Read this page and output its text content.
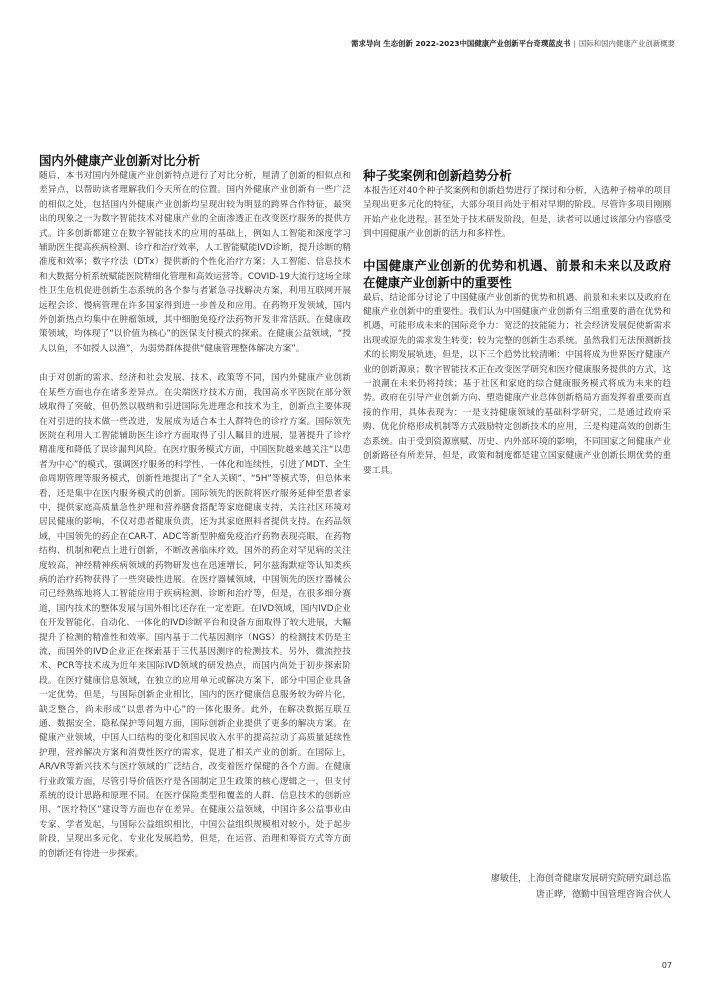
需求导向 生态创新 2022-2023中国健康产业创新平台奇璞蓝皮书 | 国际和国内健康产业创新概要
国内外健康产业创新对比分析

随后，本书对国内外健康产业创新特点进行了对比分析，厘清了创新的相似点和差异点，以帮助读者理解我们今天所在的位置。国内外健康产业创新有一些广泛的相似之处，包括国内外健康产业创新均呈现出较为明显的跨界合作特征，最突出的现象之一为数字智能技术对健康产业的全面渗透正在改变医疗服务的提供方式。许多创新都建立在数字智能技术的应用的基础上，例如人工智能和深度学习辅助医生提高疾病检测、诊疗和治疗效率，人工智能赋能IVD诊断，提升诊断的精准度和效率；数字疗法（DTx）提供新的个性化治疗方案；人工智能、信息技术和大数据分析系统赋能医院精细化管理和高效运营等。COVID-19大流行这场全球性卫生危机促进创新生态系统的各个参与者紧急寻找解决方案，利用互联网开展远程会诊、慢病管理在许多国家得到进一步普及和应用。在药物开发领域，国内外创新热点均集中在肿瘤领域，其中细胞免疫疗法药物开发非常活跃。在健康政策领域，均体现了“以价值为核心”的医保支付模式的探索。在健康公益领域，“授人以鱼，不如授人以渔”，为弱势群体提供“健康管理整体解决方案”。

由于对创新的需求、经济和社会发展、技术、政策等不同，国内外健康产业创新在某些方面也存在诸多差异点。在尖端医疗技术方面，我国高水平医院在部分领域取得了突破，但仍然以吸纳和引进国际先进理念和技术为主，创新点主要体现在对引进的技术做一些改进，发展成为适合本土人群特色的诊疗方案。国际领先医院在利用人工智能辅助医生诊疗方面取得了引人瞩目的进展，显著提升了诊疗精准度和降低了误诊漏判风险。在医疗服务模式方面，中国医院越来越关注“以患者为中心”的模式，强调医疗服务的科学性、一体化和连续性，引进了MDT、全生命周期管理等服务模式，创新性地提出了“全人关顾”、“5H”等模式等，但总体来看，还是集中在医内服务模式的创新。国际领先的医院将医疗服务延伸至患者家中，提供家庭高质量急性护理和营养膳食搭配等家庭健康支持，关注社区环境对居民健康的影响，不仅对患者健康负责，还为其家庭照料者提供支持。在药品领域，中国领先的药企在CAR-T、ADC等新型肿瘤免疫治疗药物表现亮眼，在药物结构、机制和靶点上进行创新，不断改善临床疗效。国外的药企对罕见病的关注度较高，神经精神疾病领域的药物研发也在迅速增长，阿尔兹海默症等认知类疾病的治疗药物获得了一些突破性进展。在医疗器械领域，中国领先的医疗器械公司已经熟练地将人工智能应用于疾病检测、诊断和治疗等，但是，在很多细分赛道，国内技术的整体发展与国外相比还存在一定差距。在IVD领域，国内IVD企业在开发智能化、自动化、一体化的IVD诊断平台和设备方面取得了较大进展，大幅提升了检测的精准性和效率。国内基于二代基因测序（NGS）的检测技术仍是主流，而国外的IVD企业正在探索基于三代基因测序的检测技术。另外，微流控技术、PCR等技术成为近年来国际IVD领域的研发热点，而国内尚处于初步探索阶段。在医疗健康信息领域，在独立的应用单元或解决方案下，部分中国企业具备一定优势，但是，与国际创新企业相比，国内的医疗健康信息服务较为碎片化，缺乏整合，尚未形成“以患者为中心”的一体化服务。此外，在解决数据互联互通、数据安全、隐私保护等问题方面，国际创新企业提供了更多的解决方案。在健康产业领域，中国人口结构的变化和国民收入水平的提高拉动了高质量延续性护理，营养解决方案和消费性医疗的需求，促进了相关产业的创新。在国际上，AR/VR等新兴技术与医疗领域的广泛结合，改变着医疗保健的各个方面。在健康行业政策方面，尽管引导价值医疗是各国制定卫生政策的核心逻辑之一，但支付系统的设计思路和原理不同。在医疗保险类型和覆盖的人群、信息技术的创新应用、“医疗特区”建设等方面也存在差异。在健康公益领域，中国许多公益事业由专家、学者发起，与国际公益组织相比，中国公益组织规模相对较小，处于起步阶段，呈现出多元化、专业化发展趋势，但是，在运营、治理和筹资方式等方面的创新还有待进一步探索。

种子奖案例和创新趋势分析

本报告还对40个种子奖案例和创新趋势进行了探讨和分析，入选种子榜单的项目呈现出更多元化的特征，大部分项目尚处于相对早期的阶段。尽管许多项目刚刚开始产业化进程，甚至处于技术研发阶段，但是，读者可以通过该部分内容感受到中国健康产业创新的活力和多样性。

中国健康产业创新的优势和机遇、前景和未来以及政府在健康产业创新中的重要性

最后，结论部分讨论了中国健康产业创新的优势和机遇、前景和未来以及政府在健康产业创新中的重要性。我们认为中国健康产业创新有三组重要的潜在优势和机遇，可能形成未来的国际竞争力：宽泛的技能能力；社会经济发展促使新需求出现或原先的需求发生转变；较为完整的创新生态系统。虽然我们无法预测新技术的长期发展轨迹，但是，以下三个趋势比较清晰：中国将成为世界医疗健康产业的创新源泉；数字智能技术正在改变医学研究和医疗健康服务提供的方式，这一浪潮在未来仍将持续；基于社区和家庭的综合健康服务模式将成为未来的趋势。政府在引导产业创新方向、塑造健康产业总体创新格局方面发挥着重要而直接的作用，具体表现为：一是支持健康领域的基础科学研究，二是通过政府采购、优化价格形成机制等方式鼓励特定创新技术的应用，三是构建高效的创新生态系统。由于受到资源禀赋、历史、内外部环境的影响，不同国家之间健康产业创新路径有所差异，但是，政策和制度都是建立国家健康产业创新长期优势的重要工具。

廖敏佳，上海创奇健康发展研究院研究副总监
唐正晔，德勤中国管理咨询合伙人
07
